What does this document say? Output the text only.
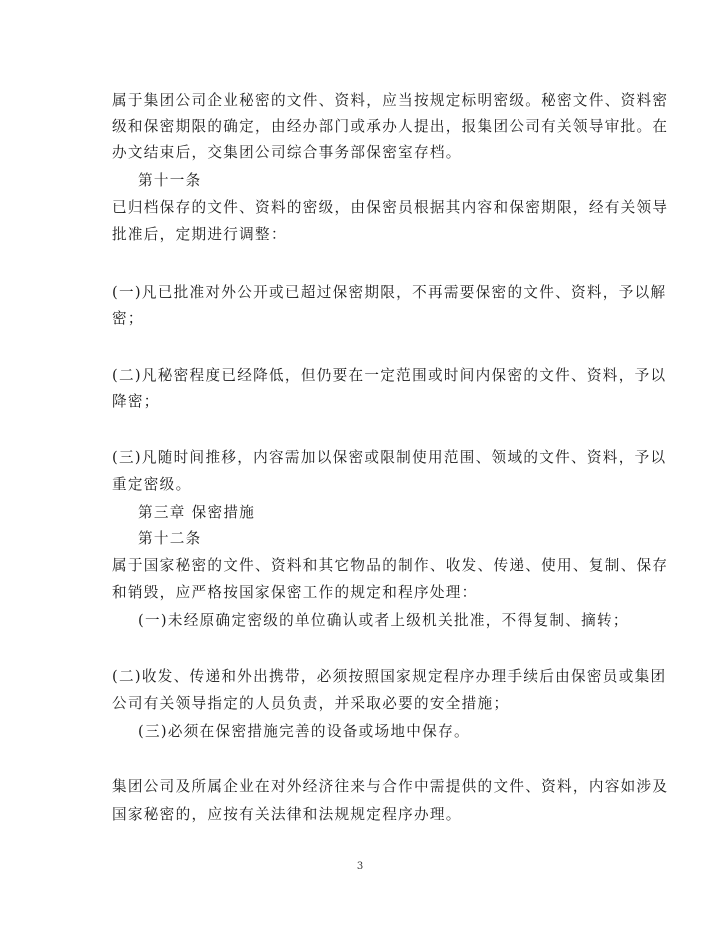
属于集团公司企业秘密的文件、资料，应当按规定标明密级。秘密文件、资料密
级和保密期限的确定，由经办部门或承办人提出，报集团公司有关领导审批。在
办文结束后，交集团公司综合事务部保密室存档。
第十一条
已归档保存的文件、资料的密级，由保密员根据其内容和保密期限，经有关领导
批准后，定期进行调整：
(一)凡已批准对外公开或已超过保密期限，不再需要保密的文件、资料，予以解
密；
(二)凡秘密程度已经降低，但仍要在一定范围或时间内保密的文件、资料，予以
降密；
(三)凡随时间推移，内容需加以保密或限制使用范围、领域的文件、资料，予以
重定密级。
第三章 保密措施
第十二条
属于国家秘密的文件、资料和其它物品的制作、收发、传递、使用、复制、保存
和销毁，应严格按国家保密工作的规定和程序处理：
(一)未经原确定密级的单位确认或者上级机关批准，不得复制、摘转；
(二)收发、传递和外出携带，必须按照国家规定程序办理手续后由保密员或集团
公司有关领导指定的人员负责，并采取必要的安全措施；
(三)必须在保密措施完善的设备或场地中保存。
集团公司及所属企业在对外经济往来与合作中需提供的文件、资料，内容如涉及
国家秘密的，应按有关法律和法规规定程序办理。
3
